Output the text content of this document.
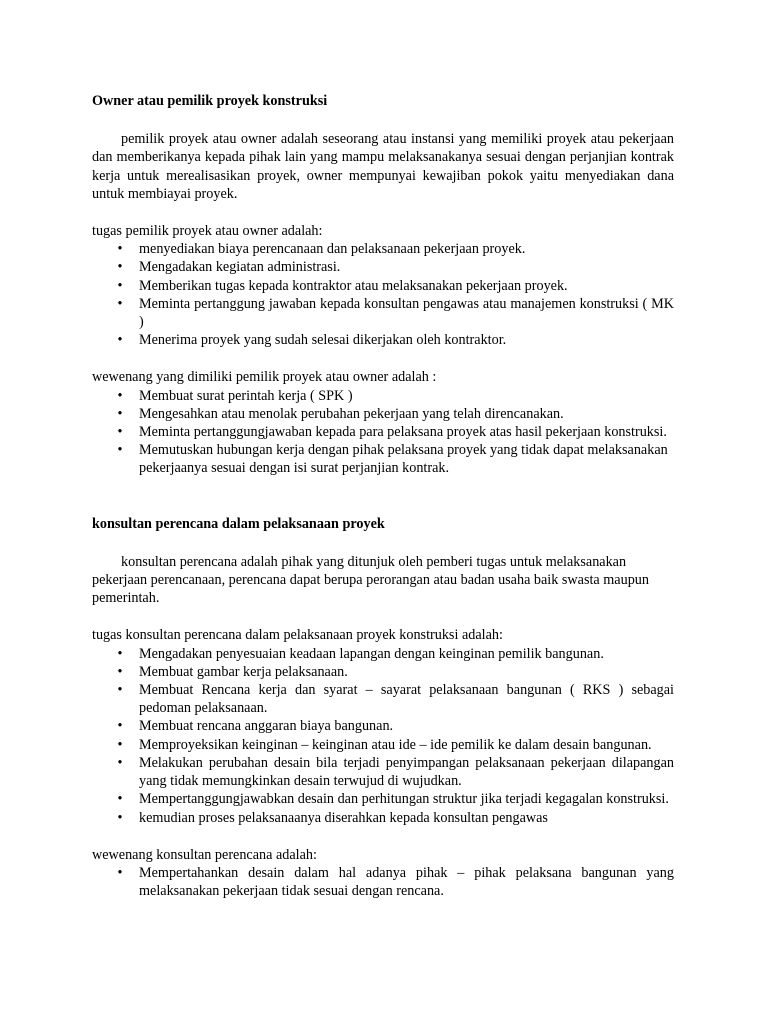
Owner atau pemilik proyek konstruksi

pemilik proyek atau owner adalah seseorang atau instansi yang memiliki proyek atau pekerjaan dan memberikanya kepada pihak lain yang mampu melaksanakanya sesuai dengan perjanjian kontrak kerja untuk merealisasikan proyek, owner mempunyai kewajiban pokok yaitu menyediakan dana untuk membiayai proyek.

tugas pemilik proyek atau owner adalah:

• menyediakan biaya perencanaan dan pelaksanaan pekerjaan proyek.
• Mengadakan kegiatan administrasi.
• Memberikan tugas kepada kontraktor atau melaksanakan pekerjaan proyek.
• Meminta pertanggung jawaban kepada konsultan pengawas atau manajemen konstruksi ( MK )
• Menerima proyek yang sudah selesai dikerjakan oleh kontraktor.

wewenang yang dimiliki pemilik proyek atau owner adalah :

• Membuat surat perintah kerja ( SPK )
• Mengesahkan atau menolak perubahan pekerjaan yang telah direncanakan.
• Meminta pertanggungjawaban kepada para pelaksana proyek atas hasil pekerjaan konstruksi.
• Memutuskan hubungan kerja dengan pihak pelaksana proyek yang tidak dapat melaksanakan pekerjaanya sesuai dengan isi surat perjanjian kontrak.
konsultan perencana dalam pelaksanaan proyek

konsultan perencana adalah pihak yang ditunjuk oleh pemberi tugas untuk melaksanakan pekerjaan perencanaan, perencana dapat berupa perorangan atau badan usaha baik swasta maupun pemerintah.

tugas konsultan perencana dalam pelaksanaan proyek konstruksi adalah:

• Mengadakan penyesuaian keadaan lapangan dengan keinginan pemilik bangunan.
• Membuat gambar kerja pelaksanaan.
• Membuat Rencana kerja dan syarat – sayarat pelaksanaan bangunan ( RKS ) sebagai pedoman pelaksanaan.
• Membuat rencana anggaran biaya bangunan.
• Memproyeksikan keinginan – keinginan atau ide – ide pemilik ke dalam desain bangunan.
• Melakukan perubahan desain bila terjadi penyimpangan pelaksanaan pekerjaan dilapangan yang tidak memungkinkan desain terwujud di wujudkan.
• Mempertanggungjawabkan desain dan perhitungan struktur jika terjadi kegagalan konstruksi.
• kemudian proses pelaksanaanya diserahkan kepada konsultan pengawas

wewenang konsultan perencana adalah:

• Mempertahankan desain dalam hal adanya pihak – pihak pelaksana bangunan yang melaksanakan pekerjaan tidak sesuai dengan rencana.
